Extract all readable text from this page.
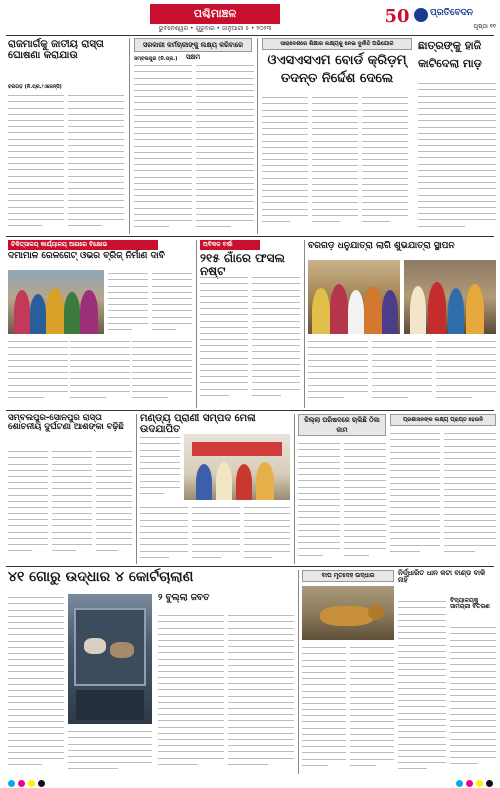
ପଶ୍ଚିମାଞ୍ଚଳ
ଭୁବନେଶ୍ୱର • ଗୁରୁବାର • ଜାନୁଆରୀ ୫ • ୨୦୨୩
50 ପ୍ରତିବେଦନ
ପୃଷ୍ଠା ୧୧
ରାଜମାର୍ଗକୁ ଜାତୀୟ ରାସ୍ତା ଘୋଷଣା କରାଯାଉ
ବରଗଡ଼ (ନି.ପ୍ର./ଏଜେନ୍ସି)
ସରକାରୀ କର୍ମଚାରୀଙ୍କୁ ଲକ୍ଷ୍ୟ କରିବାରେ ସକ୍ଷମ
ସମ୍ବଲପୁର (ନି.ପ୍ର.)
ସାରାଦେଶରେ ଶିକ୍ଷାର ଲକ୍ଷ୍ୟକୁ ନେଇ ଦୁର୍ନୀତି ଅଭିଯୋଗ
ଓଏସଏସଏମ ବୋର୍ଡ କ୍ରିଡ଼ମ୍
ତଦନ୍ତ ନିର୍ଦ୍ଦେଶ ଦେଲେ
ଛାତ୍ରଙ୍କୁ ହାଜି
କାଟିଦେଲା ମାଡ଼
ଚିକିତ୍ସାଳୟ କାର୍ଯ୍ୟାଳୟ ଆଗରେ ବିକ୍ଷୋଭ
ଦମାମାଳ ରେଳଗେଟ୍ ଓଭର ବ୍ରିଜ୍ ନିର୍ମାଣ ଦାବି
ଅବିକଳ ବର୍ଷା
୨୧୫ ଗାଁରେ ଫସଲ ନଷ୍ଟ
ବରଗଡ଼ ଧନୁଯାତ୍ରା ଲାଗି ଶୁଭଯାତ୍ରା ସ୍ଥାପନ
ସମ୍ବଲପୁର-ସୋନପୁର ରାସ୍ତା ଶୋଚନୀୟ ଦୁର୍ଘଟଣା ଆଶଙ୍କା ବଢ଼ିଛି
ମଣ୍ଡ୍ୟ ପ୍ରାଣୀ ସମ୍ପଦ ମେଳା ଉଦଯାପିତ
ଜିଲ୍ଲା ପରିଷଦରେ ଚାଲିଛି ଠିକା କାମ
ପ୍ରଶାସନଙ୍କ ଲକ୍ଷ୍ୟ ପ୍ରାପ୍ତ ହେଉନି
୪୧ ଗୋରୁ ଉଦ୍ଧାର ୪ କୋର୍ଟଚାଲାଣ
୨ ବୁଲ୍ଲା ଜବତ
ବାଘ ମୃତଦେହ ଉଦ୍ଧାର	ନିର୍ଦ୍ଧାରିତ ଧାନ କଟା ବାଣ୍ଡ ବାକି ନାହିଁ
ବିଦ୍ୟାଳୟକୁ ସାମଗ୍ରୀ ବିତରଣ
